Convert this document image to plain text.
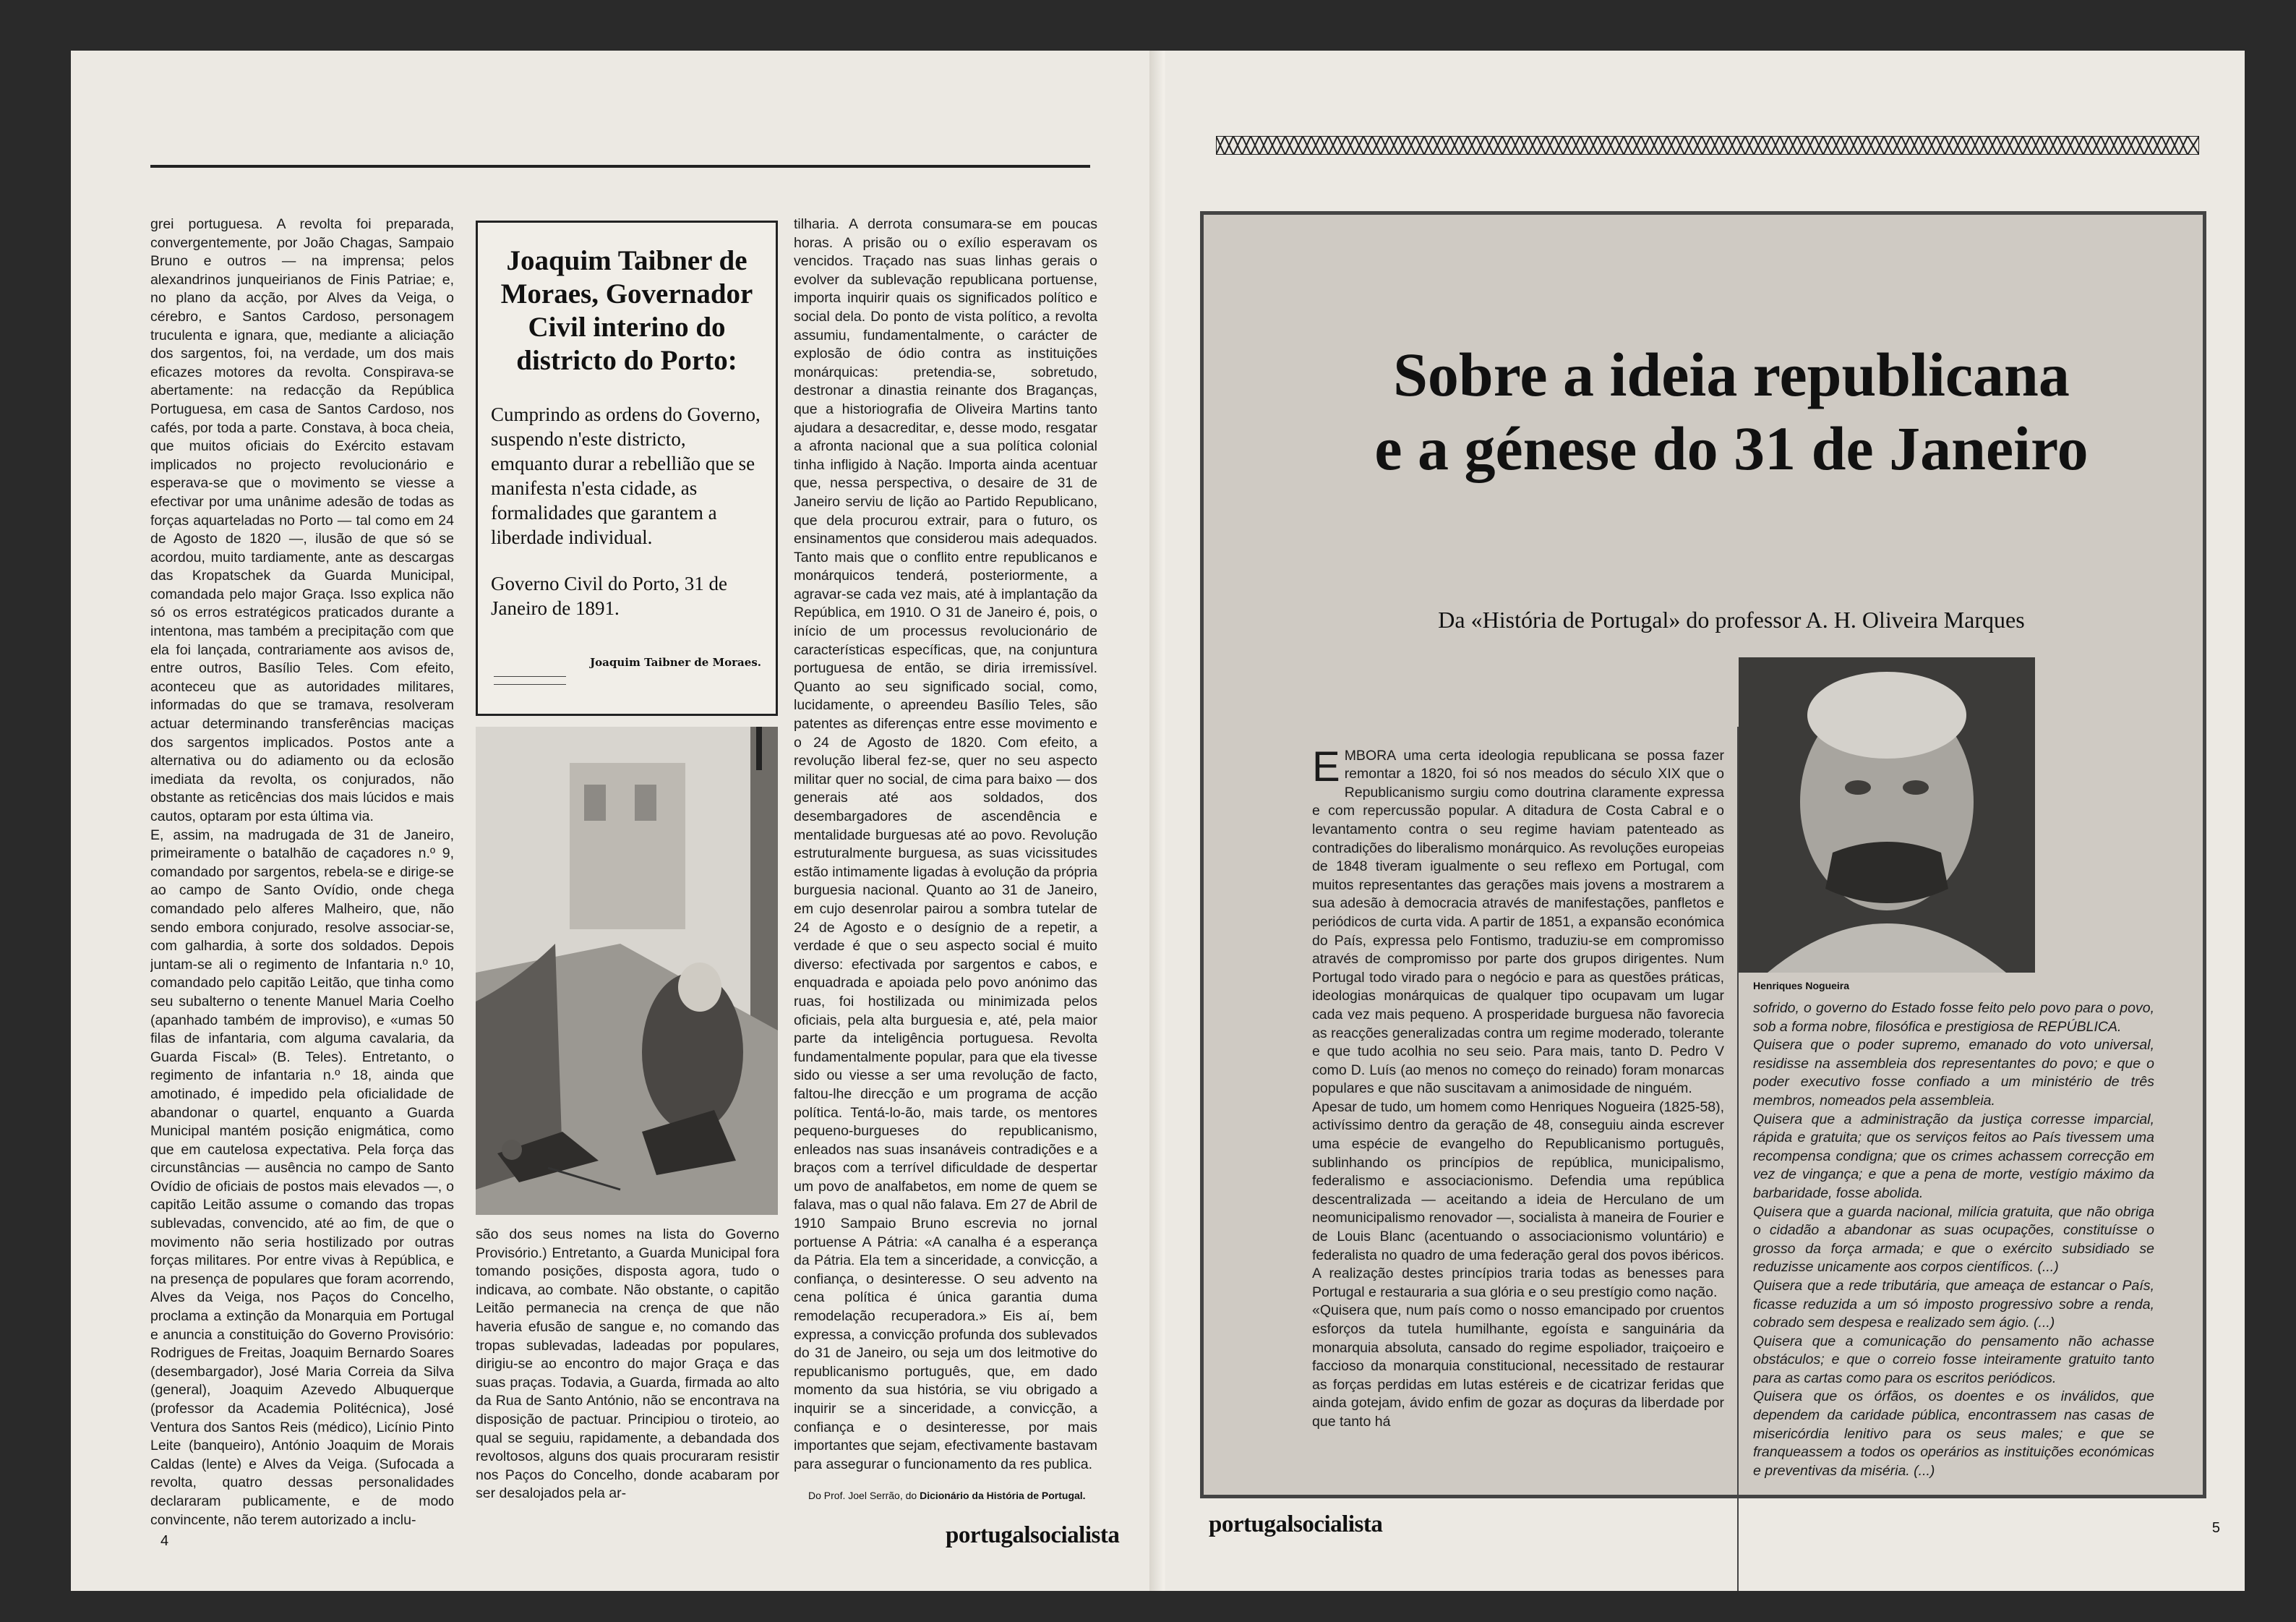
grei portuguesa. A revolta foi preparada, convergentemente, por João Chagas, Sampaio Bruno e outros — na imprensa; pelos alexandrinos junqueirianos de Finis Patriae; e, no plano da acção, por Alves da Veiga, o cérebro, e Santos Cardoso, personagem truculenta e ignara, que, mediante a aliciação dos sargentos, foi, na verdade, um dos mais eficazes motores da revolta. Conspirava-se abertamente: na redacção da República Portuguesa, em casa de Santos Cardoso, nos cafés, por toda a parte. Constava, à boca cheia, que muitos oficiais do Exército estavam implicados no projecto revolucionário e esperava-se que o movimento se viesse a efectivar por uma unânime adesão de todas as forças aquarteladas no Porto — tal como em 24 de Agosto de 1820 —, ilusão de que só se acordou, muito tardiamente, ante as descargas das Kropatschek da Guarda Municipal, comandada pelo major Graça. Isso explica não só os erros estratégicos praticados durante a intentona, mas também a precipitação com que ela foi lançada, contrariamente aos avisos de, entre outros, Basílio Teles. Com efeito, aconteceu que as autoridades militares, informadas do que se tramava, resolveram actuar determinando transferências maciças dos sargentos implicados. Postos ante a alternativa ou do adiamento ou da eclosão imediata da revolta, os conjurados, não obstante as reticências dos mais lúcidos e mais cautos, optaram por esta última via.
E, assim, na madrugada de 31 de Janeiro, primeiramente o batalhão de caçadores n.º 9, comandado por sargentos, rebela-se e dirige-se ao campo de Santo Ovídio, onde chega comandado pelo alferes Malheiro, que, não sendo embora conjurado, resolve associar-se, com galhardia, à sorte dos soldados. Depois juntam-se ali o regimento de Infantaria n.º 10, comandado pelo capitão Leitão, que tinha como seu subalterno o tenente Manuel Maria Coelho (apanhado também de improviso), e «umas 50 filas de infantaria, com alguma cavalaria, da Guarda Fiscal» (B. Teles). Entretanto, o regimento de infantaria n.º 18, ainda que amotinado, é impedido pela oficialidade de abandonar o quartel, enquanto a Guarda Municipal mantém posição enigmática, como que em cautelosa expectativa. Pela força das circunstâncias — ausência no campo de Santo Ovídio de oficiais de postos mais elevados —, o capitão Leitão assume o comando das tropas sublevadas, convencido, até ao fim, de que o movimento não seria hostilizado por outras forças militares. Por entre vivas à República, e na presença de populares que foram acorrendo, Alves da Veiga, nos Paços do Concelho, proclama a extinção da Monarquia em Portugal e anuncia a constituição do Governo Provisório: Rodrigues de Freitas, Joaquim Bernardo Soares (desembargador), José Maria Correia da Silva (general), Joaquim Azevedo Albuquerque (professor da Academia Politécnica), José Ventura dos Santos Reis (médico), Licínio Pinto Leite (banqueiro), António Joaquim de Morais Caldas (lente) e Alves da Veiga. (Sufocada a revolta, quatro dessas personalidades declararam publicamente, e de modo convincente, não terem autorizado a inclu-
Joaquim Taibner de Moraes, Governador Civil interino do districto do Porto:

Cumprindo as ordens do Governo, suspendo n'este districto, emquanto durar a rebellião que se manifesta n'esta cidade, as formalidades que garantem a liberdade individual.

Governo Civil do Porto, 31 de Janeiro de 1891.

Joaquim Taibner de Moraes.
são dos seus nomes na lista do Governo Provisório.) Entretanto, a Guarda Municipal fora tomando posições, disposta agora, tudo o indicava, ao combate. Não obstante, o capitão Leitão permanecia na crença de que não haveria efusão de sangue e, no comando das tropas sublevadas, ladeadas por populares, dirigiu-se ao encontro do major Graça e das suas praças. Todavia, a Guarda, firmada ao alto da Rua de Santo António, não se encontrava na disposição de pactuar. Principiou o tiroteio, ao qual se seguiu, rapidamente, a debandada dos revoltosos, alguns dos quais procuraram resistir nos Paços do Concelho, donde acabaram por ser desalojados pela ar-
tilharia. A derrota consumara-se em poucas horas. A prisão ou o exílio esperavam os vencidos. Traçado nas suas linhas gerais o evolver da sublevação republicana portuense, importa inquirir quais os significados político e social dela. Do ponto de vista político, a revolta assumiu, fundamentalmente, o carácter de explosão de ódio contra as instituições monárquicas: pretendia-se, sobretudo, destronar a dinastia reinante dos Braganças, que a historiografia de Oliveira Martins tanto ajudara a desacreditar, e, desse modo, resgatar a afronta nacional que a sua política colonial tinha infligido à Nação. Importa ainda acentuar que, nessa perspectiva, o desaire de 31 de Janeiro serviu de lição ao Partido Republicano, que dela procurou extrair, para o futuro, os ensinamentos que considerou mais adequados. Tanto mais que o conflito entre republicanos e monárquicos tenderá, posteriormente, a agravar-se cada vez mais, até à implantação da República, em 1910. O 31 de Janeiro é, pois, o início de um processus revolucionário de características específicas, que, na conjuntura portuguesa de então, se diria irremissível. Quanto ao seu significado social, como, lucidamente, o apreendeu Basílio Teles, são patentes as diferenças entre esse movimento e o 24 de Agosto de 1820. Com efeito, a revolução liberal fez-se, quer no seu aspecto militar quer no social, de cima para baixo — dos generais até aos soldados, dos desembargadores de ascendência e mentalidade burguesas até ao povo. Revolução estruturalmente burguesa, as suas vicissitudes estão intimamente ligadas à evolução da própria burguesia nacional. Quanto ao 31 de Janeiro, em cujo desenrolar pairou a sombra tutelar de 24 de Agosto e o desígnio de a repetir, a verdade é que o seu aspecto social é muito diverso: efectivada por sargentos e cabos, e enquadrada e apoiada pelo povo anónimo das ruas, foi hostilizada ou minimizada pelos oficiais, pela alta burguesia e, até, pela maior parte da inteligência portuguesa. Revolta fundamentalmente popular, para que ela tivesse sido ou viesse a ser uma revolução de facto, faltou-lhe direcção e um programa de acção política. Tentá-lo-ão, mais tarde, os mentores pequeno-burgueses do republicanismo, enleados nas suas insanáveis contradições e a braços com a terrível dificuldade de despertar um povo de analfabetos, em nome de quem se falava, mas o qual não falava. Em 27 de Abril de 1910 Sampaio Bruno escrevia no jornal portuense A Pátria: «A canalha é a esperança da Pátria. Ela tem a sinceridade, a convicção, a confiança, o desinteresse. O seu advento na cena política é única garantia duma remodelação recuperadora.» Eis aí, bem expressa, a convicção profunda dos sublevados do 31 de Janeiro, ou seja um dos leitmotive do republicanismo português, que, em dado momento da sua história, se viu obrigado a inquirir se a sinceridade, a convicção, a confiança e o desinteresse, por mais importantes que sejam, efectivamente bastavam para assegurar o funcionamento da res publica.
Do Prof. Joel Serrão, do Dicionário da História de Portugal.
4	portugalsocialista
Sobre a ideia republicana
e a génese do 31 de Janeiro
Da «História de Portugal» do professor A. H. Oliveira Marques
Henriques Nogueira

EMBORA uma certa ideologia republicana se possa fazer remontar a 1820, foi só nos meados do século XIX que o Republicanismo surgiu como doutrina claramente expressa e com repercussão popular. A ditadura de Costa Cabral e o levantamento contra o seu regime haviam patenteado as contradições do liberalismo monárquico. As revoluções europeias de 1848 tiveram igualmente o seu reflexo em Portugal, com muitos representantes das gerações mais jovens a mostrarem a sua adesão à democracia através de manifestações, panfletos e periódicos de curta vida. A partir de 1851, a expansão económica do País, expressa pelo Fontismo, traduziu-se em compromisso através de compromisso por parte dos grupos dirigentes. Num Portugal todo virado para o negócio e para as questões práticas, ideologias monárquicas de qualquer tipo ocupavam um lugar cada vez mais pequeno. A prosperidade burguesa não favorecia as reacções generalizadas contra um regime moderado, tolerante e que tudo acolhia no seu seio. Para mais, tanto D. Pedro V como D. Luís (ao menos no começo do reinado) foram monarcas populares e que não suscitavam a animosidade de ninguém.
Apesar de tudo, um homem como Henriques Nogueira (1825-58), activíssimo dentro da geração de 48, conseguiu ainda escrever uma espécie de evangelho do Republicanismo português, sublinhando os princípios de república, municipalismo, federalismo e associacionismo. Defendia uma república descentralizada — aceitando a ideia de Herculano de um neomunicipalismo renovador —, socialista à maneira de Fourier e de Louis Blanc (acentuando o associacionismo voluntário) e federalista no quadro de uma federação geral dos povos ibéricos. A realização destes princípios traria todas as benesses para Portugal e restauraria a sua glória e o seu prestígio como nação.
«Quisera que, num país como o nosso emancipado por cruentos esforços da tutela humilhante, egoísta e sanguinária da monarquia absoluta, cansado do regime espoliador, traiçoeiro e faccioso da monarquia constitucional, necessitado de restaurar as forças perdidas em lutas estéreis e de cicatrizar feridas que ainda gotejam, ávido enfim de gozar as doçuras da liberdade por que tanto há

sofrido, o governo do Estado fosse feito pelo povo para o povo, sob a forma nobre, filosófica e prestigiosa de REPÚBLICA.
Quisera que o poder supremo, emanado do voto universal, residisse na assembleia dos representantes do povo; e que o poder executivo fosse confiado a um ministério de três membros, nomeados pela assembleia.
Quisera que a administração da justiça corresse imparcial, rápida e gratuita; que os serviços feitos ao País tivessem uma recompensa condigna; que os crimes achassem correcção em vez de vingança; e que a pena de morte, vestígio máximo da barbaridade, fosse abolida.
Quisera que a guarda nacional, milícia gratuita, que não obriga o cidadão a abandonar as suas ocupações, constituísse o grosso da força armada; e que o exército subsidiado se reduzisse unicamente aos corpos científicos. (...)
Quisera que a rede tributária, que ameaça de estancar o País, ficasse reduzida a um só imposto progressivo sobre a renda, cobrado sem despesa e realizado sem ágio. (...)
Quisera que a comunicação do pensamento não achasse obstáculos; e que o correio fosse inteiramente gratuito tanto para as cartas como para os escritos periódicos.
Quisera que os órfãos, os doentes e os inválidos, que dependem da caridade pública, encontrassem nas casas de misericórdia lenitivo para os seus males; e que se franqueassem a todos os operários as instituições económicas e preventivas da miséria. (...)
portugalsocialista	5
